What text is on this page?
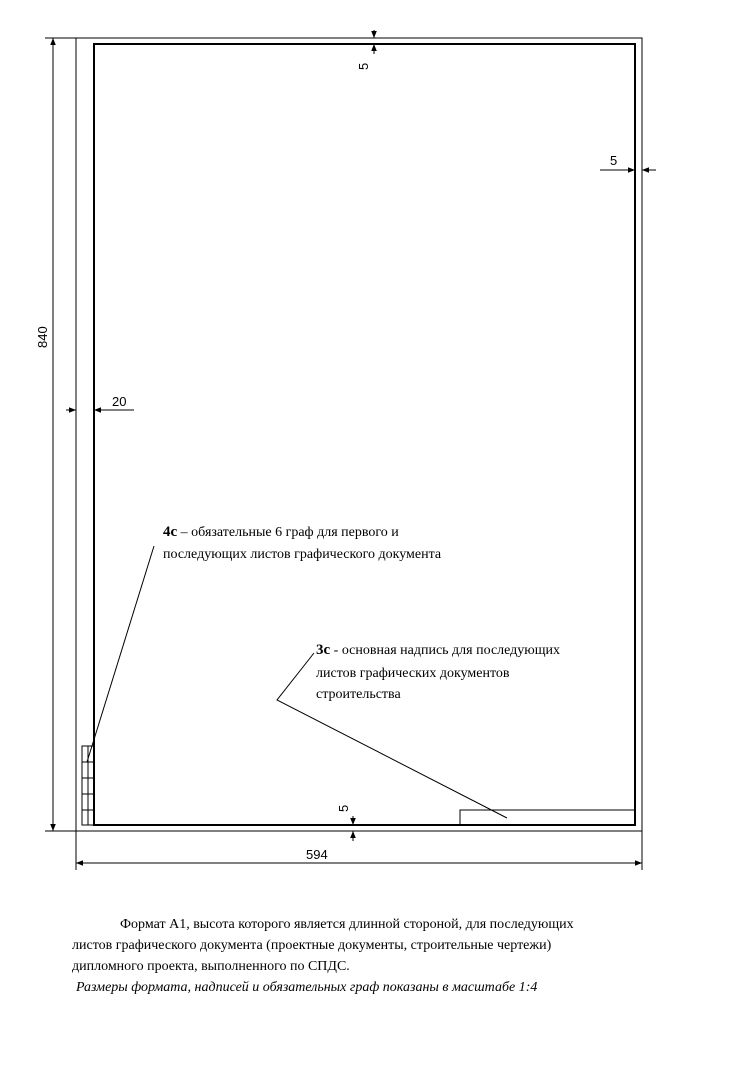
5
5
20
5
840
594
4с – обязательные 6 граф для первого и
последующих листов графического документа
3с - основная надпись для последующих
листов графических документов
строительства

Формат А1, высота которого является длинной стороной, для последующих

листов графического документа (проектные документы, строительные чертежи)

дипломного проекта, выполненного по СПДС.

Размеры формата, надписей и обязательных граф показаны в масштабе 1:4
